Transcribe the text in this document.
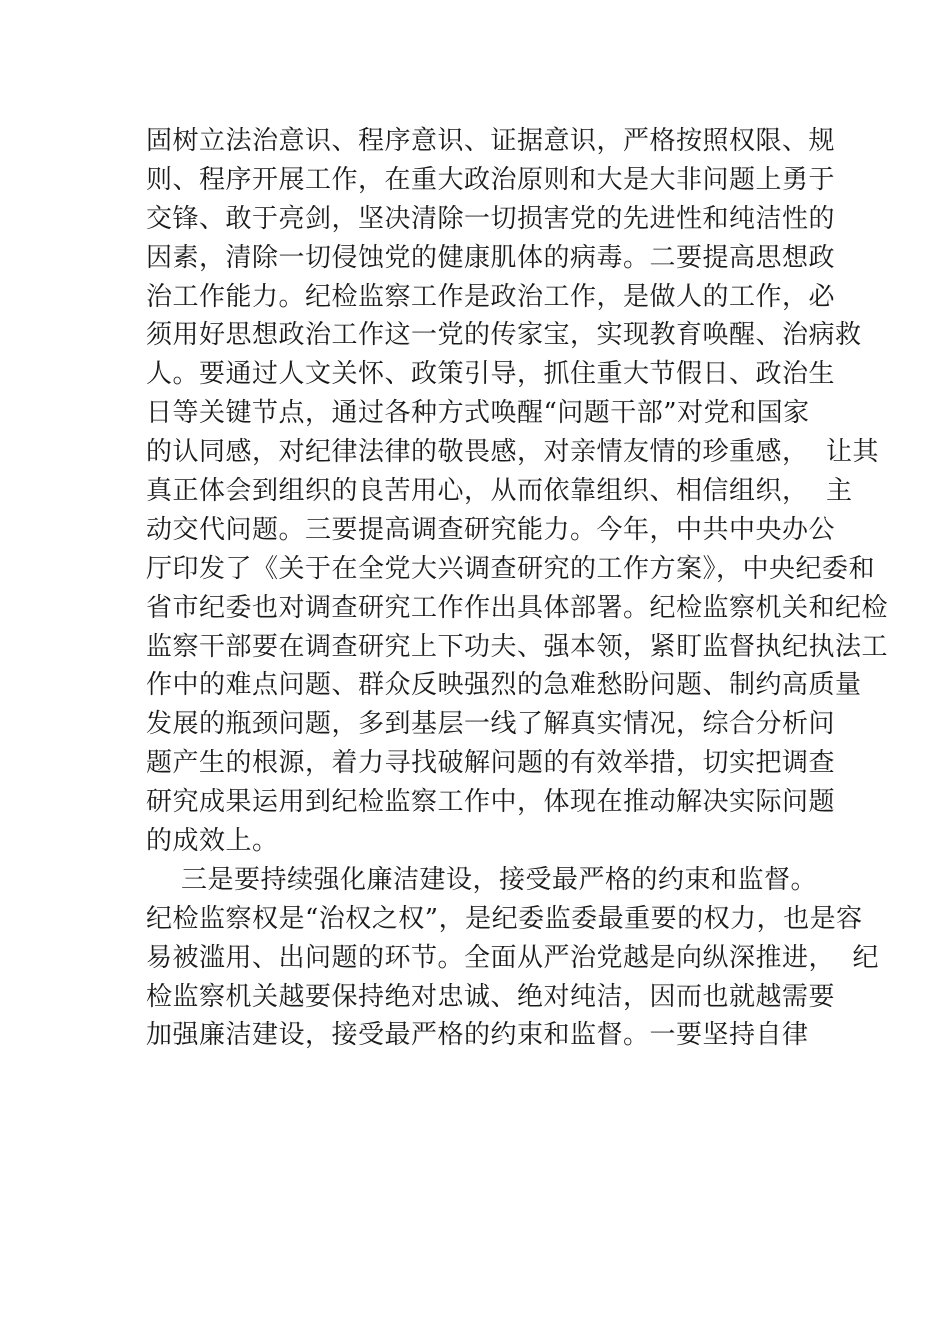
固树立法治意识、程序意识、证据意识，严格按照权限、规
则、程序开展工作，在重大政治原则和大是大非问题上勇于
交锋、敢于亮剑，坚决清除一切损害党的先进性和纯洁性的
因素，清除一切侵蚀党的健康肌体的病毒。二要提高思想政
治工作能力。纪检监察工作是政治工作，是做人的工作，必
须用好思想政治工作这一党的传家宝，实现教育唤醒、治病救
人。要通过人文关怀、政策引导，抓住重大节假日、政治生
日等关键节点，通过各种方式唤醒“问题干部”对党和国家
的认同感，对纪律法律的敬畏感，对亲情友情的珍重感，  让其
真正体会到组织的良苦用心，从而依靠组织、相信组织，  主
动交代问题。三要提高调查研究能力。今年，中共中央办公
厅印发了《关于在全党大兴调查研究的工作方案》，中央纪委和
省市纪委也对调查研究工作作出具体部署。纪检监察机关和纪检
监察干部要在调查研究上下功夫、强本领，紧盯监督执纪执法工
作中的难点问题、群众反映强烈的急难愁盼问题、制约高质量
发展的瓶颈问题，多到基层一线了解真实情况，综合分析问
题产生的根源，着力寻找破解问题的有效举措，切实把调查
研究成果运用到纪检监察工作中，体现在推动解决实际问题
的成效上。
三是要持续强化廉洁建设，接受最严格的约束和监督。
纪检监察权是“治权之权”，是纪委监委最重要的权力，也是容
易被滥用、出问题的环节。全面从严治党越是向纵深推进，  纪
检监察机关越要保持绝对忠诚、绝对纯洁，因而也就越需要
加强廉洁建设，接受最严格的约束和监督。一要坚持自律
